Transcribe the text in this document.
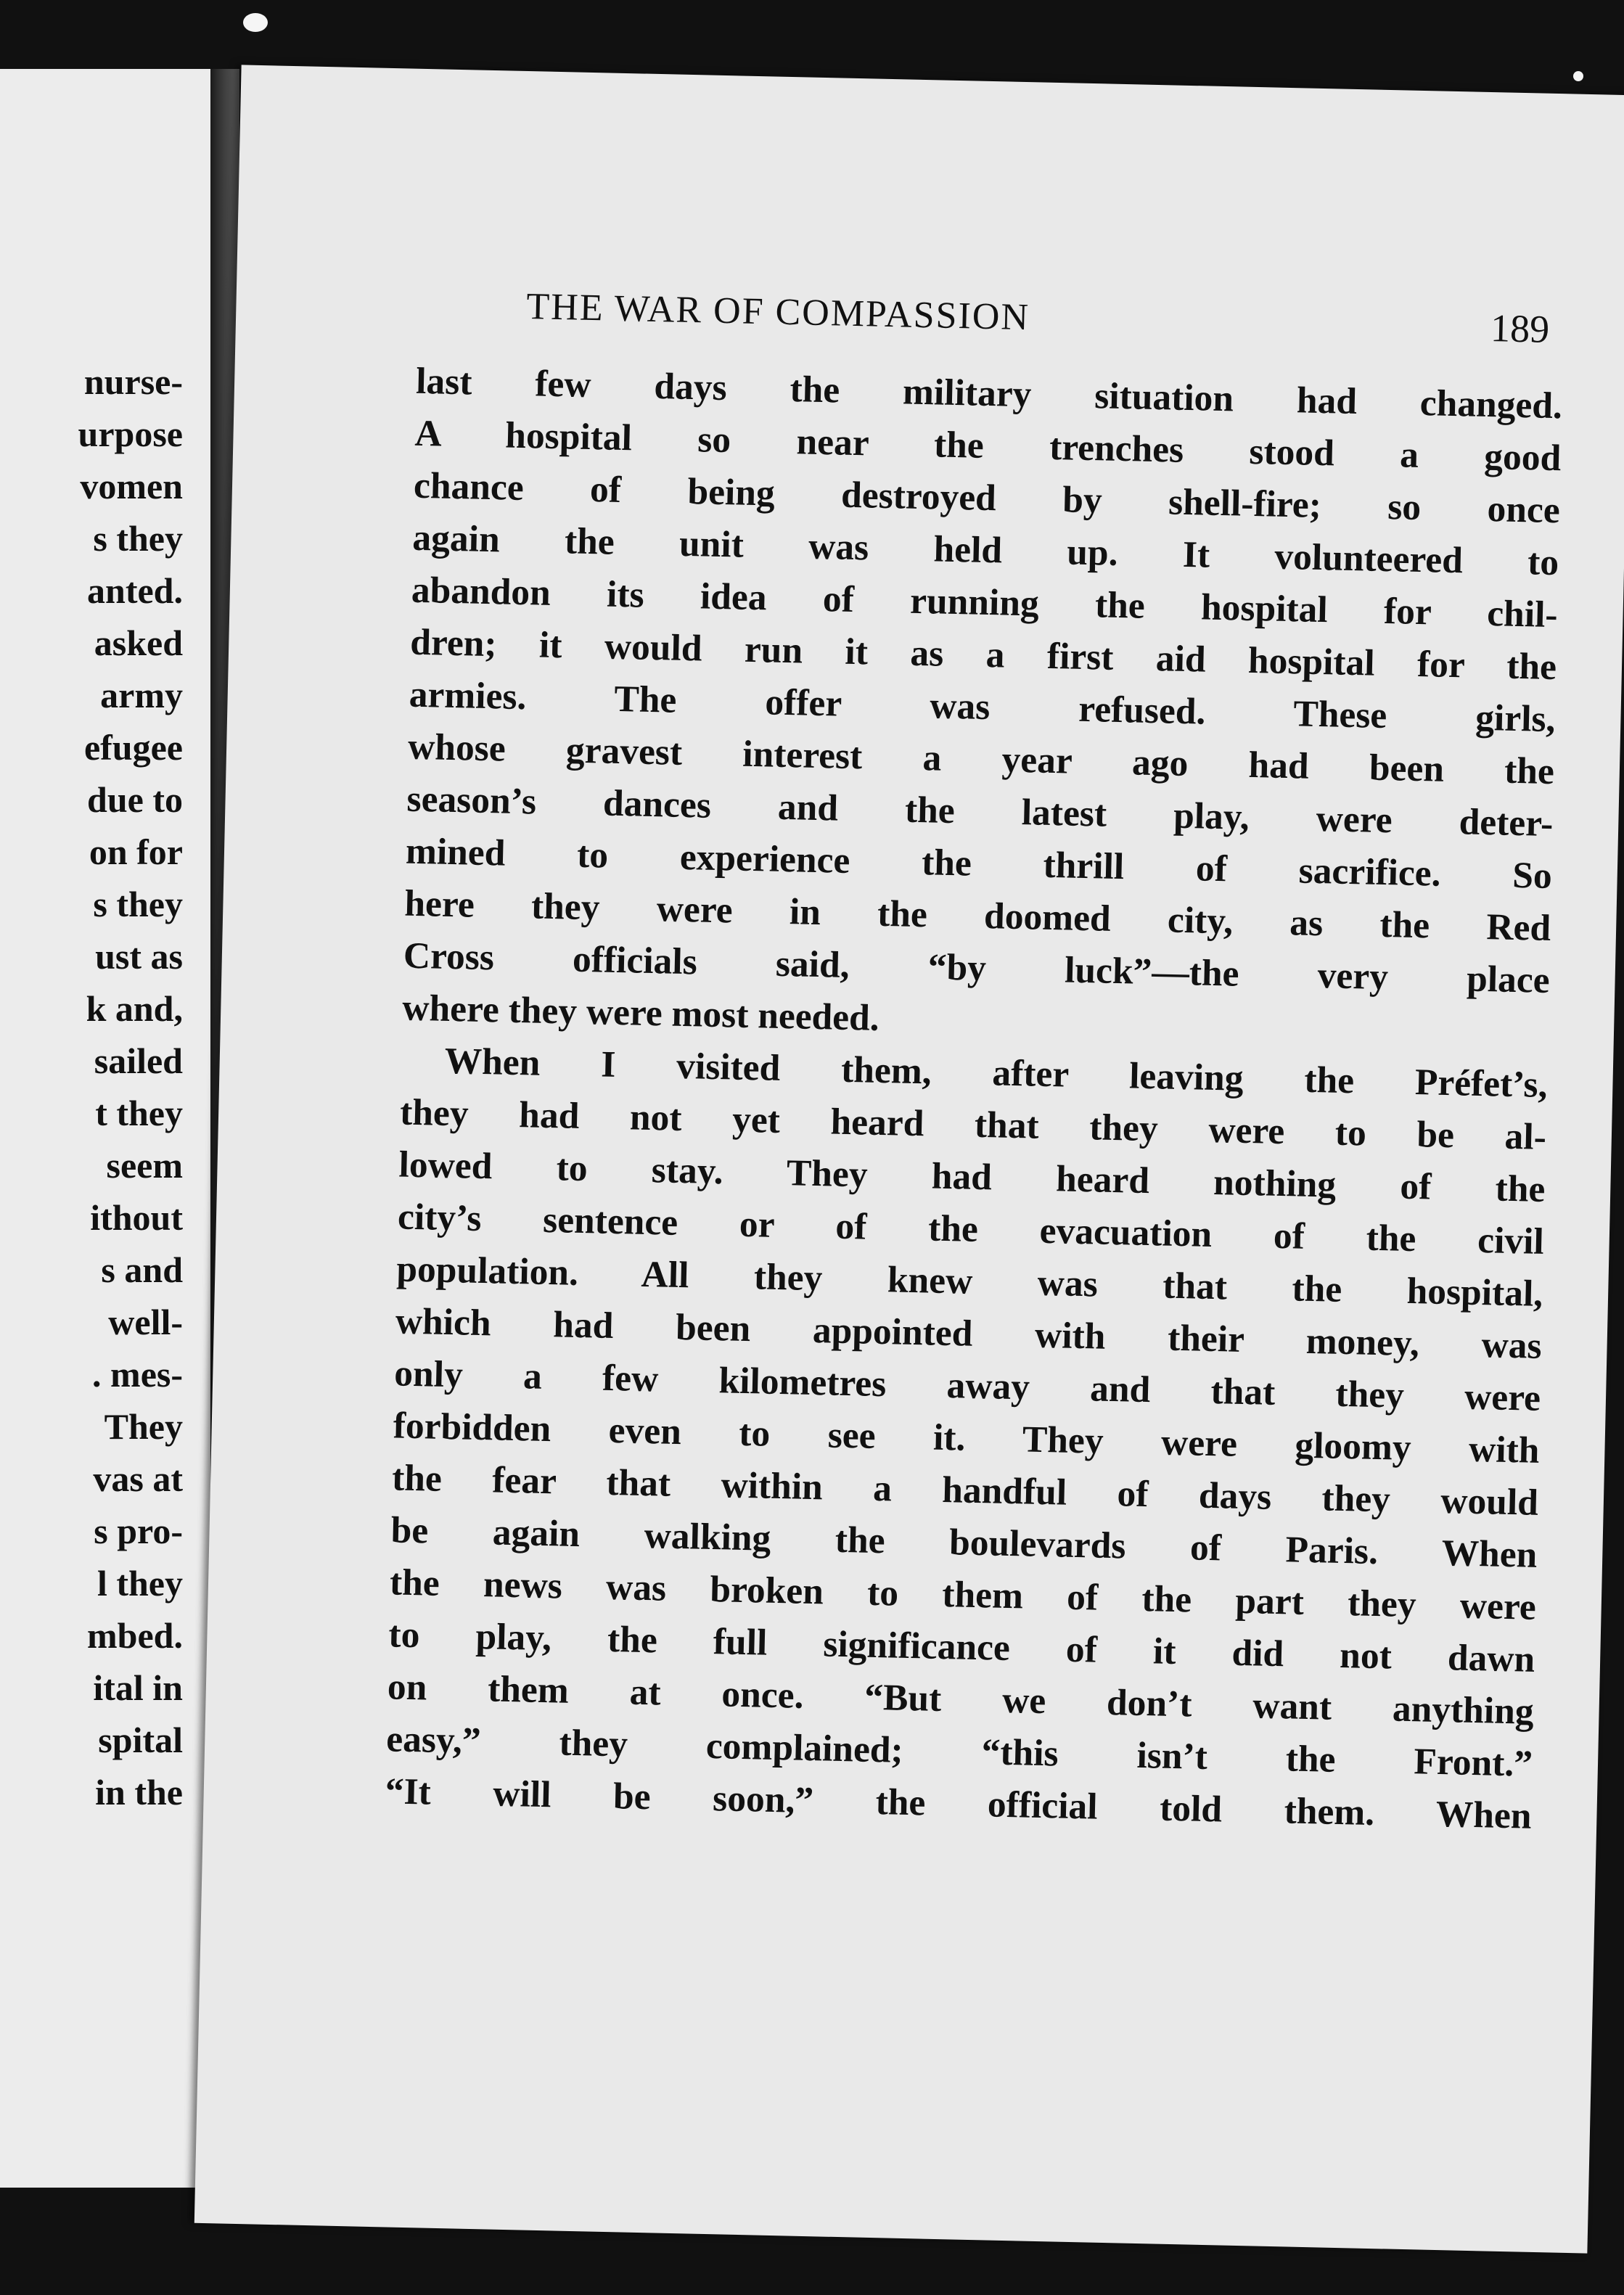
nurse-
urpose
vomen
s they
anted.
asked
army
efugee
due to
on for
s they
ust as
k and,
sailed
t they
seem
ithout
s and
well-
. mes-
They
vas at
s pro-
l they
mbed.
ital in
spital
in the
THE WAR OF COMPASSION	189
last few days the military situation had changed.
A hospital so near the trenches stood a good
chance of being destroyed by shell-fire; so once
again the unit was held up. It volunteered to
abandon its idea of running the hospital for chil-
dren; it would run it as a first aid hospital for the
armies. The offer was refused. These girls,
whose gravest interest a year ago had been the
season’s dances and the latest play, were deter-
mined to experience the thrill of sacrifice. So
here they were in the doomed city, as the Red
Cross officials said, “by luck”—the very place
where they were most needed.
When I visited them, after leaving the Préfet’s,
they had not yet heard that they were to be al-
lowed to stay. They had heard nothing of the
city’s sentence or of the evacuation of the civil
population. All they knew was that the hospital,
which had been appointed with their money, was
only a few kilometres away and that they were
forbidden even to see it. They were gloomy with
the fear that within a handful of days they would
be again walking the boulevards of Paris. When
the news was broken to them of the part they were
to play, the full significance of it did not dawn
on them at once. “But we don’t want anything
easy,” they complained; “this isn’t the Front.”
“It will be soon,” the official told them. When
